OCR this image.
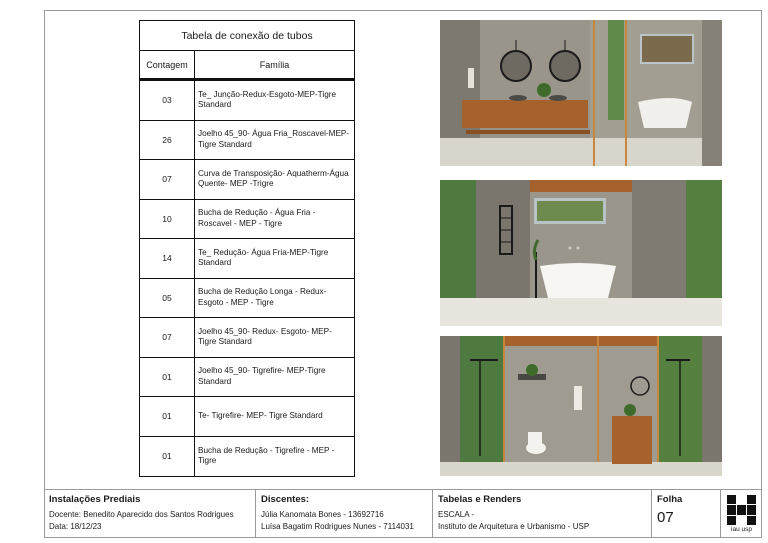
Tabela de conexão de tubos
Contagem	Família
03
Te_ Junção-Redux-Esgoto-MEP-Tigre Standard
26
Joelho 45_90- Água Fria_Roscavel-MEP-Tigre Standard
07
Curva de Transposição- Aquatherm-Água Quente- MEP -Trigre
10
Bucha de Redução - Água Fria - Roscavel - MEP - Tigre
14
Te_ Redução- Água Fria-MEP-Tigre Standard
05
Bucha de Redução Longa - Redux-Esgoto - MEP - Tigre
07
Joelho 45_90- Redux- Esgoto- MEP-Tigre Standard
01
Joelho 45_90- Tigrefire- MEP-Tigre Standard
01	Te- Tigrefire- MEP- Tigre Standard
01
Bucha de Redução - Tigrefire - MEP - Tigre
Instalações Prediais
Docente: Benedito Aparecido dos Santos Rodrigues
Data: 18/12/23
Discentes:
Júlia Kanomata Bones - 13692716
Luísa Bagatim Rodrigues Nunes - 7114031
Tabelas e Renders
ESCALA -
Instituto de Arquitetura e Urbanismo - USP
Folha
07
iau usp
